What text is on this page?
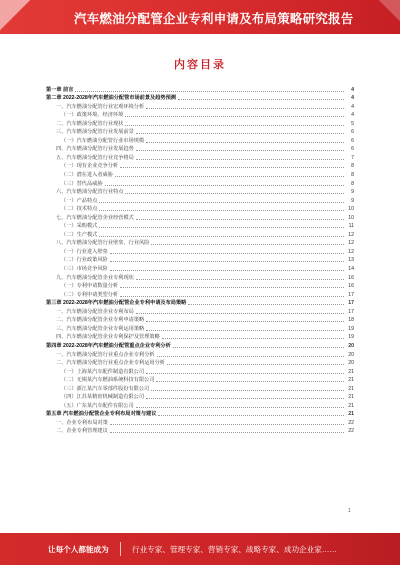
汽车燃油分配管企业专利申请及布局策略研究报告
内容目录
第一章 前言	4
第二章 2022-2028年汽车燃油分配管市场前景及趋势预测	4
一、汽车燃油分配管行业宏观环境分析	4
（一）政策环境、经济环境	4
二、汽车燃油分配管行业现状	5
三、汽车燃油分配管行业发展前景	6
（一）汽车燃油分配管行业市场规模	6
四、汽车燃油分配管行业发展趋势	6
五、汽车燃油分配管行业竞争格局	7
（一）现有企业竞争分析	8
（二）潜在进入者威胁	8
（三）替代品威胁	8
六、汽车燃油分配管行业特点	9
（一）产品特点	9
（二）技术特点	10
七、汽车燃油分配管企业经营模式	10
（一）采购模式	11
（二）生产模式	12
八、汽车燃油分配管行业壁垒、行业风险	12
（一）行业进入壁垒	12
（二）行业政策风险	13
（三）市场竞争风险	14
九、汽车燃油分配管企业专利现状	16
（一）专利申请数量分析	16
（二）专利申请类型分析	17
第三章 2022-2028年汽车燃油分配管企业专利申请及布局策略	17
一、汽车燃油分配管企业专利布局	17
二、汽车燃油分配管企业专利申请策略	18
三、汽车燃油分配管企业专利运用策略	19
四、汽车燃油分配管企业专利保护及管理策略	19
第四章 2022-2028年汽车燃油分配管重点企业专利分析	20
一、汽车燃油分配管行业重点企业专利分析	20
二、汽车燃油分配管行业重点企业专利运用分析	20
（一）上海某汽车配件制造有限公司	21
（二）无锡某汽车燃油系统科技有限公司	21
（三）浙江某汽车零部件股份有限公司	21
（四）江苏某精密机械制造有限公司	21
（五）广东某汽车配件有限公司	21
第五章 汽车燃油分配管企业专利布局对策与建议	21
一、企业专利布局对策	22
二、企业专利管理建议	22
1
让每个人都能成为	行业专家、管理专家、营销专家、战略专家、成功企业家……
